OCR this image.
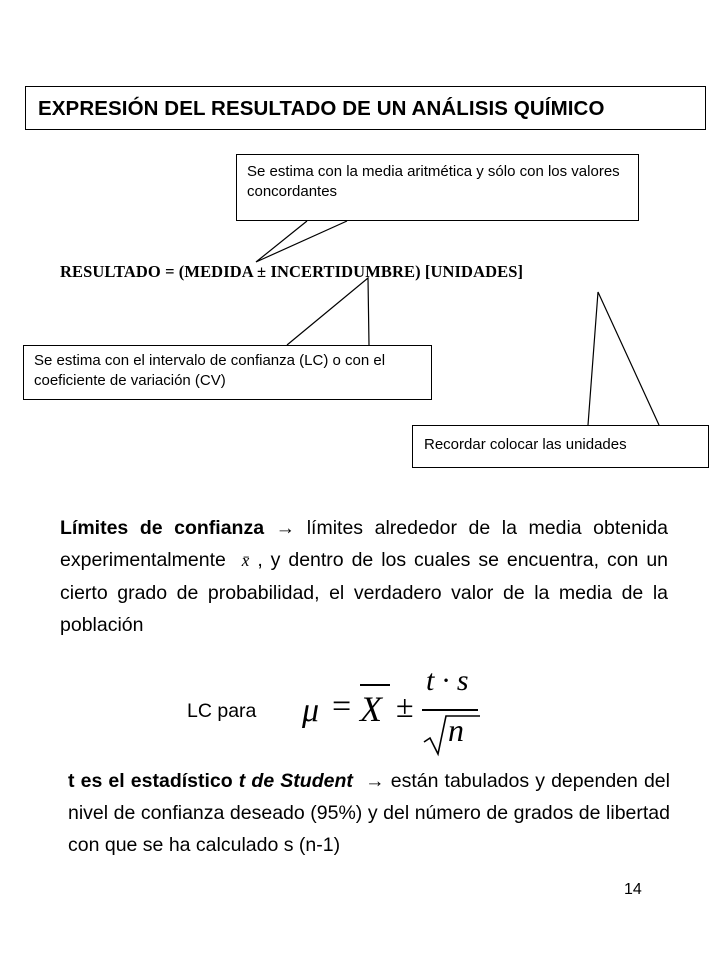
EXPRESIÓN DEL RESULTADO DE UN ANÁLISIS QUÍMICO
Se estima con la media aritmética y sólo con los valores concordantes
Se estima con el intervalo de confianza (LC) o con el coeficiente de variación (CV)
Recordar colocar las unidades
RESULTADO = (MEDIDA ± INCERTIDUMBRE) [UNIDADES]
Límites de confianza → límites alrededor de la media obtenida experimentalmente x̄ , y dentro de los cuales se encuentra, con un cierto grado de probabilidad, el verdadero valor de la media de la población
LC para μ = X ±
t · s
n
t es el estadístico t de Student → están tabulados y dependen del nivel de confianza deseado (95%) y del número de grados de libertad con que se ha calculado s (n-1)
14
